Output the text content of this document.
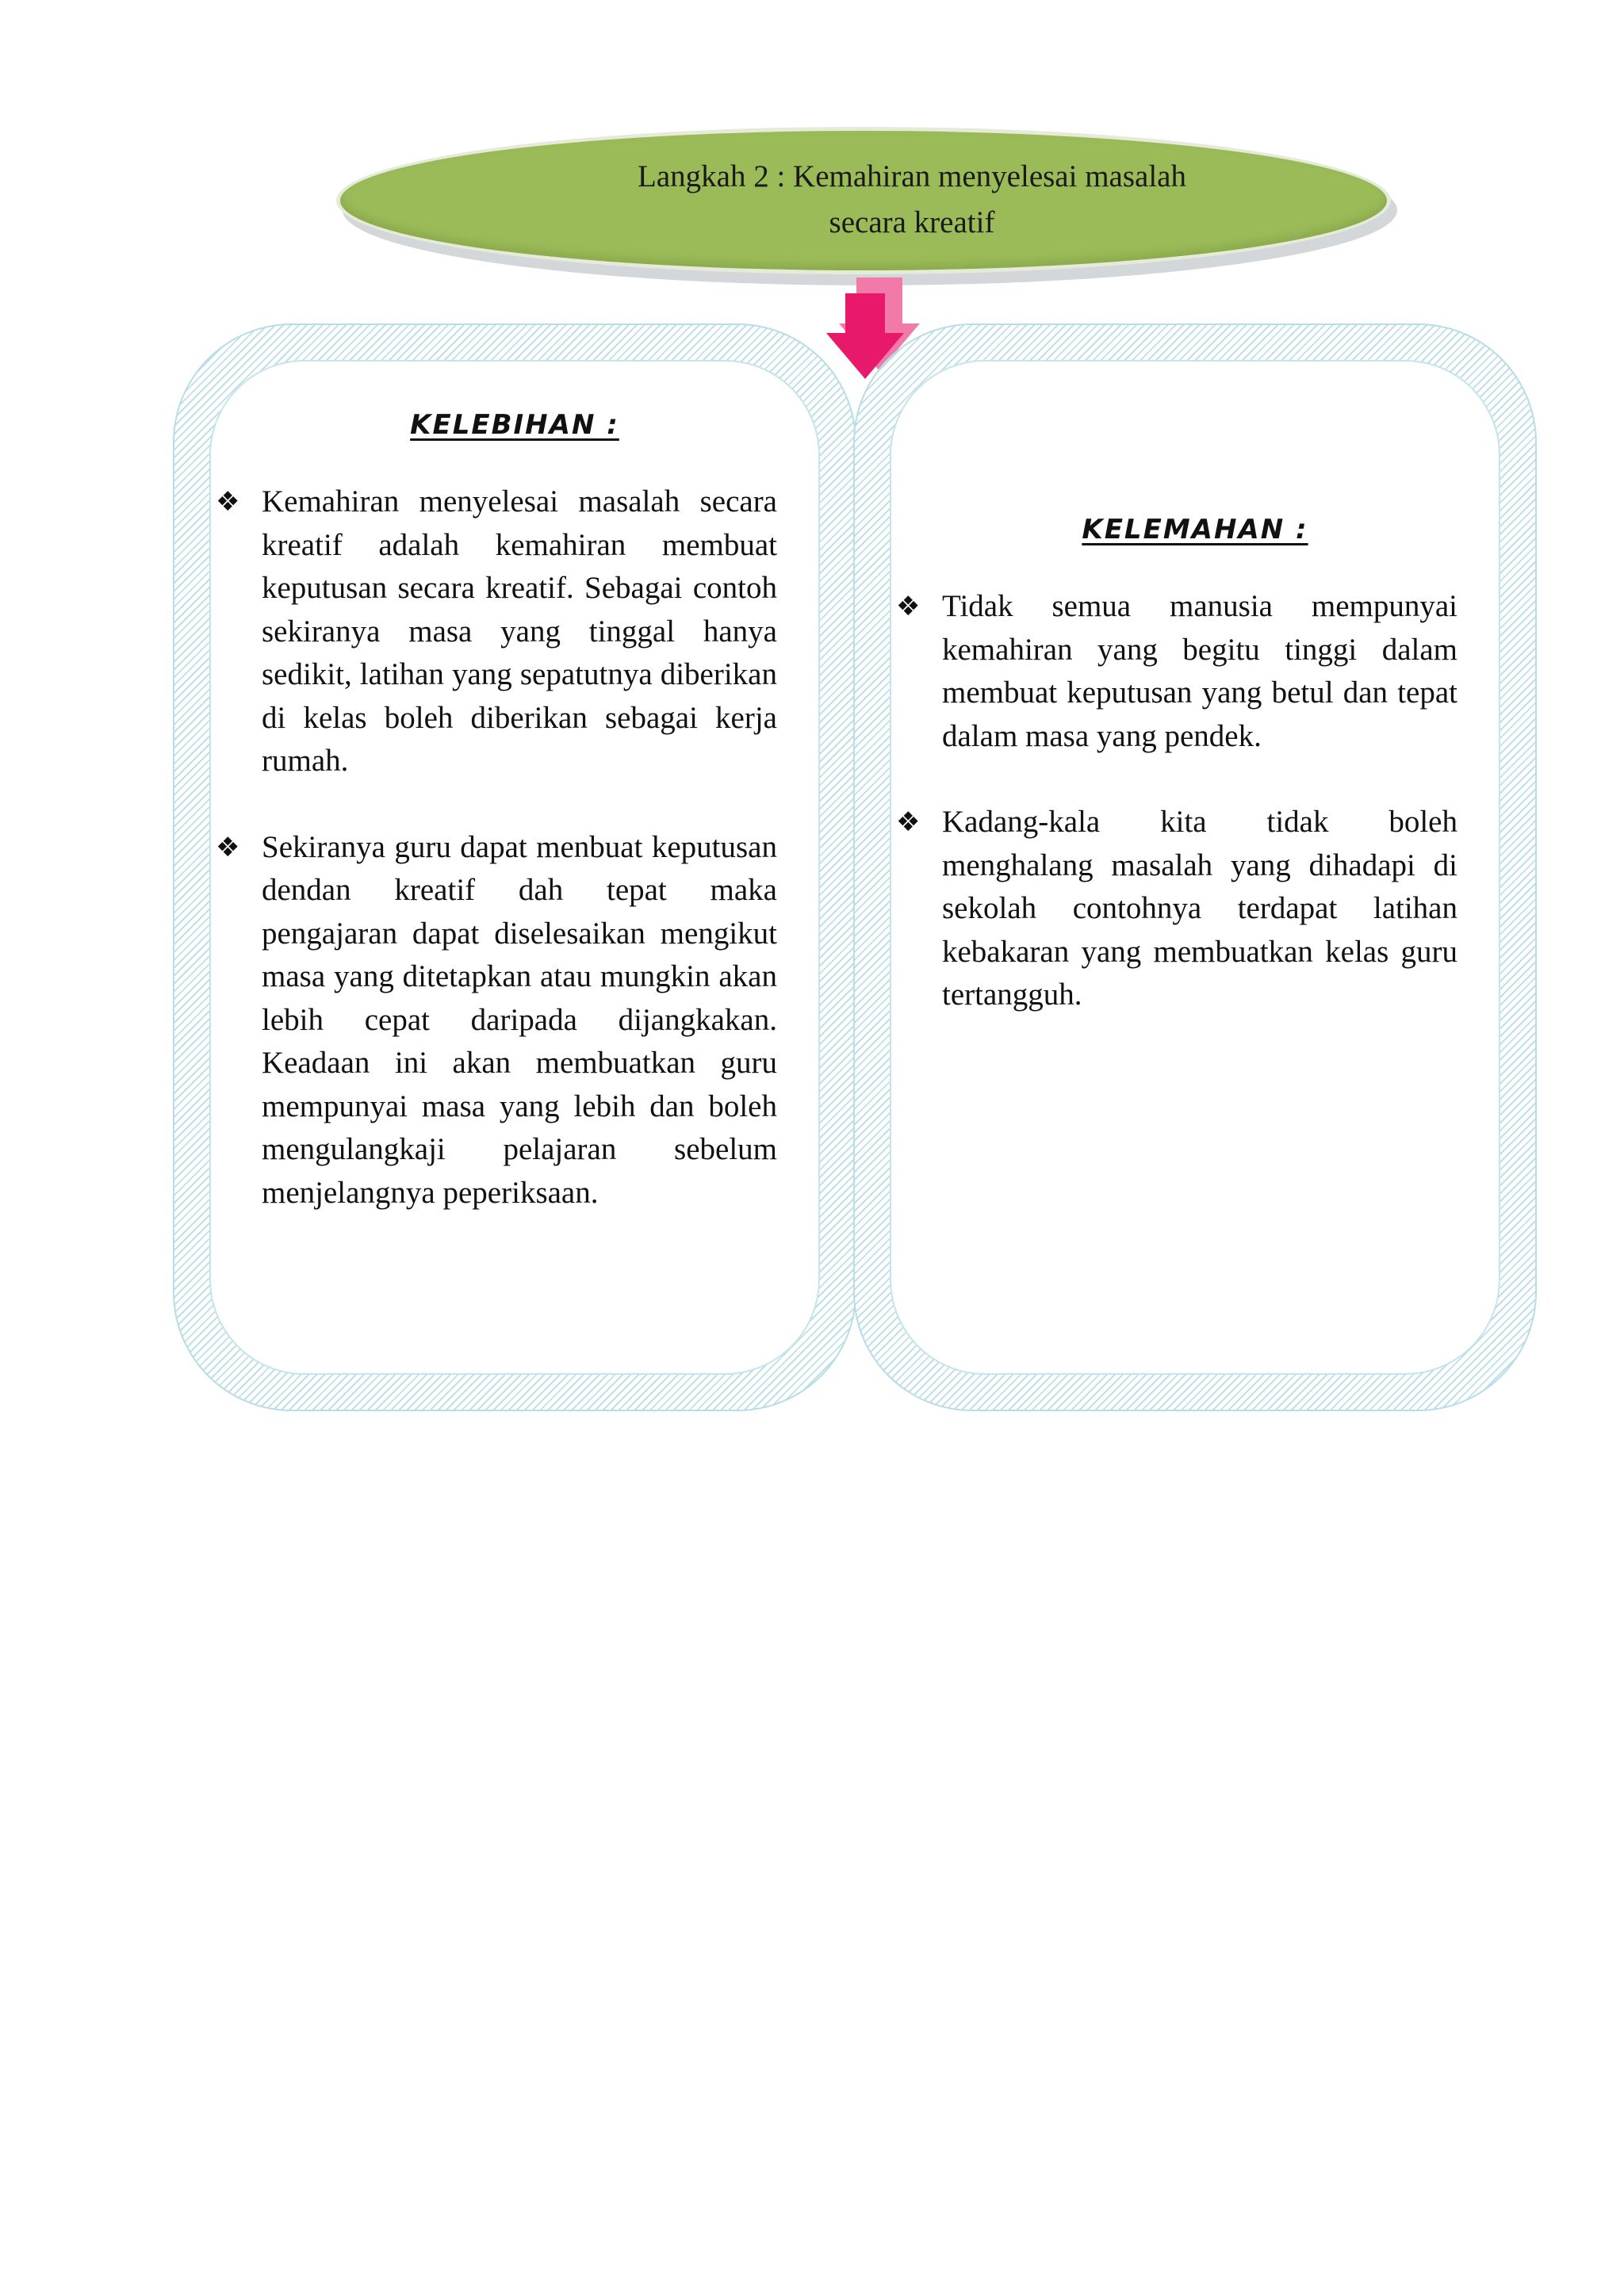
Langkah 2 : Kemahiran menyelesai masalah
secara kreatif
KELEBIHAN :
❖ Kemahiran menyelesai masalah secara kreatif adalah kemahiran membuat keputusan secara kreatif. Sebagai contoh sekiranya masa yang tinggal hanya sedikit, latihan yang sepatutnya diberikan di kelas boleh diberikan sebagai kerja rumah.
❖ Sekiranya guru dapat menbuat keputusan dendan kreatif dah tepat maka pengajaran dapat diselesaikan mengikut masa yang ditetapkan atau mungkin akan lebih cepat daripada dijangkakan. Keadaan ini akan membuatkan guru mempunyai masa yang lebih dan boleh mengulangkaji pelajaran sebelum menjelangnya peperiksaan.
KELEMAHAN :
❖ Tidak semua manusia mempunyai kemahiran yang begitu tinggi dalam membuat keputusan yang betul dan tepat dalam masa yang pendek.
❖ Kadang-kala kita tidak boleh menghalang masalah yang dihadapi di sekolah contohnya terdapat latihan kebakaran yang membuatkan kelas guru tertangguh.
